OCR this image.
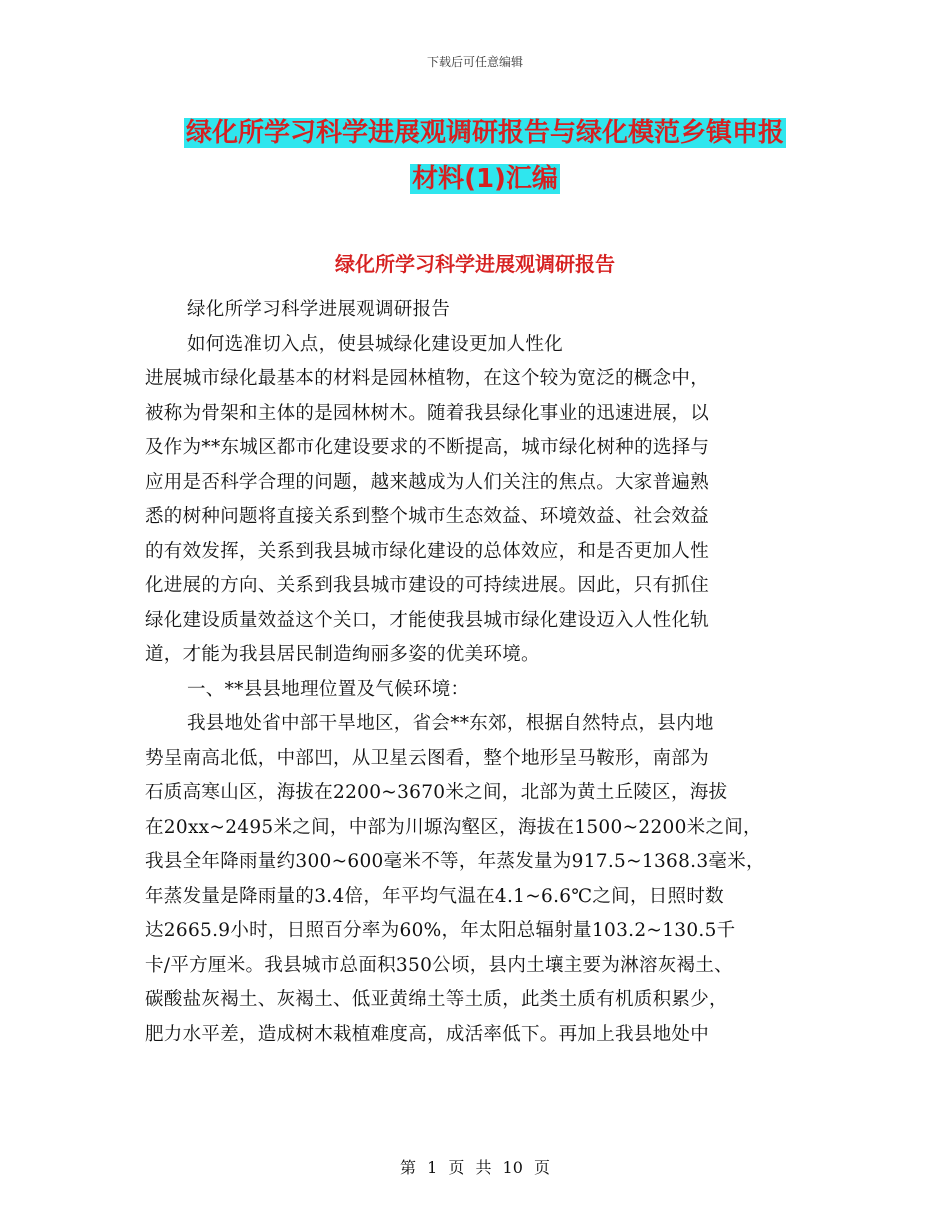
下载后可任意编辑
绿化所学习科学进展观调研报告与绿化模范乡镇申报
材料(1)汇编
绿化所学习科学进展观调研报告

绿化所学习科学进展观调研报告

如何选准切入点，使县城绿化建设更加人性化

进展城市绿化最基本的材料是园林植物，在这个较为宽泛的概念中，

被称为骨架和主体的是园林树木。随着我县绿化事业的迅速进展，以

及作为**东城区都市化建设要求的不断提高，城市绿化树种的选择与

应用是否科学合理的问题，越来越成为人们关注的焦点。大家普遍熟

悉的树种问题将直接关系到整个城市生态效益、环境效益、社会效益

的有效发挥，关系到我县城市绿化建设的总体效应，和是否更加人性

化进展的方向、关系到我县城市建设的可持续进展。因此，只有抓住

绿化建设质量效益这个关口，才能使我县城市绿化建设迈入人性化轨

道，才能为我县居民制造绚丽多姿的优美环境。

一、**县县地理位置及气候环境：

我县地处省中部干旱地区，省会**东郊，根据自然特点，县内地

势呈南高北低，中部凹，从卫星云图看，整个地形呈马鞍形，南部为

石质高寒山区，海拔在2200~3670米之间，北部为黄土丘陵区，海拔

在20xx~2495米之间，中部为川塬沟壑区，海拔在1500~2200米之间，

我县全年降雨量约300~600毫米不等，年蒸发量为917.5~1368.3毫米，

年蒸发量是降雨量的3.4倍，年平均气温在4.1~6.6℃之间，日照时数

达2665.9小时，日照百分率为60%，年太阳总辐射量103.2~130.5千

卡/平方厘米。我县城市总面积350公顷，县内土壤主要为淋溶灰褐土、

碳酸盐灰褐土、灰褐土、低亚黄绵土等土质，此类土质有机质积累少，

肥力水平差，造成树木栽植难度高，成活率低下。再加上我县地处中

第 1 页 共 10 页
